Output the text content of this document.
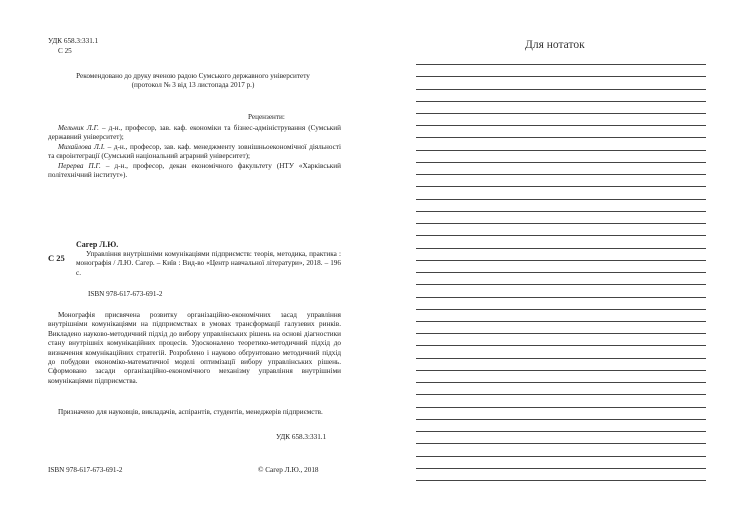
УДК 658.3:331.1
С 25
Рекомендовано до друку вченою радою Сумського державного університету (протокол № 3 від 13 листопада 2017 р.)
Рецензенти:
Мельник Л.Г. – д-н., професор, зав. каф. економіки та бізнес-адміністрування (Сумський державний університет);
Михайлова Л.І. – д-н., професор, зав. каф. менеджменту зовнішньоекономічної діяльності та євроінтеграції (Сумський національний аграрний університет);
Перерва П.Г. – д-н., професор, декан економічного факультету (НТУ «Харківський політехнічний інститут»).
Сагер Л.Ю.
С 25	Управління внутрішніми комунікаціями підприємств: теорія, методика, практика : монографія / Л.Ю. Сагер. – Київ : Вид-во «Центр навчальної літератури», 2018. – 196 с.
ISBN 978-617-673-691-2
Монографія присвячена розвитку організаційно-економічних засад управління внутрішніми комунікаціями на підприємствах в умовах трансформації галузевих ринків. Викладено науково-методичний підхід до вибору управлінських рішень на основі діагностики стану внутрішніх комунікаційних процесів. Удосконалено теоретико-методичний підхід до визначення комунікаційних стратегій. Розроблено і науково обґрунтовано методичний підхід до побудови економіко-математичної моделі оптимізації вибору управлінських рішень. Сформовано засади організаційно-економічного механізму управління внутрішніми комунікаціями підприємства.
Призначено для науковців, викладачів, аспірантів, студентів, менеджерів підприємств.
УДК 658.3:331.1
ISBN 978-617-673-691-2	© Сагер Л.Ю., 2018
Для нотаток
